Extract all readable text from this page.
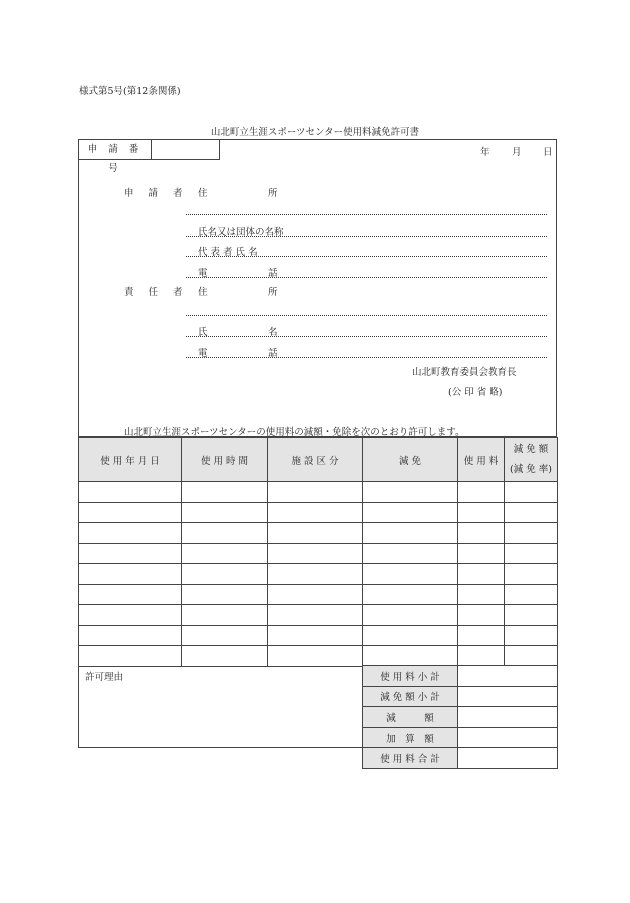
様式第5号(第12条関係)
山北町立生涯スポーツセンター使用料減免許可書
申 請 番 号
年 月 日
申 請 者 住	所
氏名又は団体の名称
代 表 者 氏 名
電	話
責 任 者 住	所
氏	名
電	話
山北町教育委員会教育長
(公 印 省 略)
山北町立生涯スポーツセンターの使用料の減額・免除を次のとおり許可します。
使 用 年 月 日	使 用 時 間	施 設 区 分	減 免	使 用 料	減 免 額
(減 免 率)

許可理由	使 用 料 小 計	
減 免 額 小 計	
減　　　額	
加　算　額	
使 用 料 合 計	
